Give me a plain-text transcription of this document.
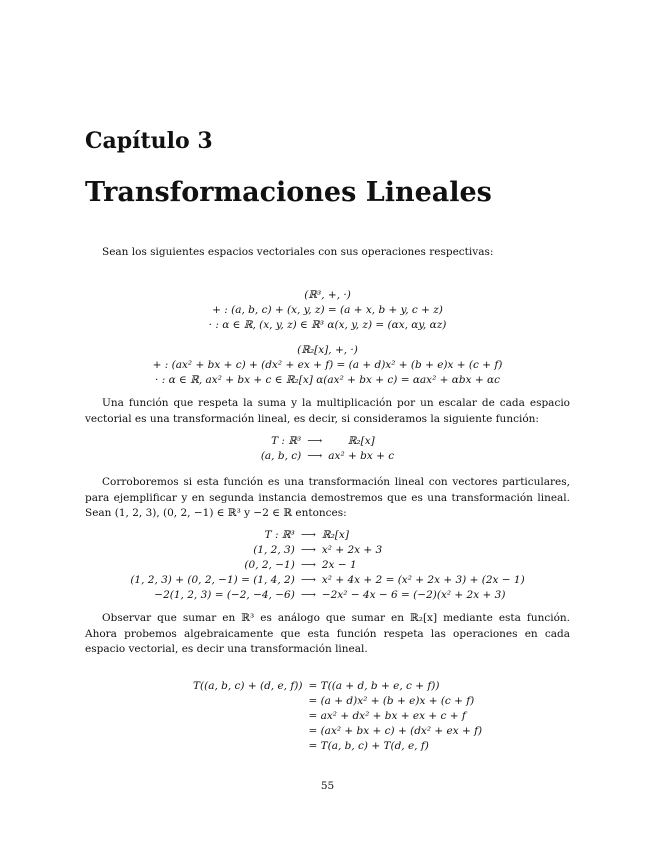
Capítulo 3
Transformaciones Lineales
Sean los siguientes espacios vectoriales con sus operaciones respectivas:
(ℝ³, +, ·)
+ : (a, b, c) + (x, y, z) = (a + x, b + y, c + z)
· : α ∈ ℝ, (x, y, z) ∈ ℝ³ α(x, y, z) = (αx, αy, αz)
(ℝ₂[x], +, ·)
+ : (ax² + bx + c) + (dx² + ex + f) = (a + d)x² + (b + e)x + (c + f)
· : α ∈ ℝ, ax² + bx + c ∈ ℝ₂[x] α(ax² + bx + c) = αax² + αbx + αc
Una función que respeta la suma y la multiplicación por un escalar de cada espacio vectorial es una transformación lineal, es decir, si consideramos la siguiente función:
T : ℝ³	⟶	ℝ₂[x]
(a, b, c)	⟶	ax² + bx + c
Corroboremos si esta función es una transformación lineal con vectores particulares, para ejemplificar y en segunda instancia demostremos que es una transformación lineal. Sean (1, 2, 3), (0, 2, −1) ∈ ℝ³ y −2 ∈ ℝ entonces:
T : ℝ³	⟶	ℝ₂[x]
(1, 2, 3)	⟶	x² + 2x + 3
(0, 2, −1)	⟶	2x − 1
(1, 2, 3) + (0, 2, −1) = (1, 4, 2)	⟶	x² + 4x + 2 = (x² + 2x + 3) + (2x − 1)
−2(1, 2, 3) = (−2, −4, −6)	⟶	−2x² − 4x − 6 = (−2)(x² + 2x + 3)
Observar que sumar en ℝ³ es análogo que sumar en ℝ₂[x] mediante esta función. Ahora probemos algebraicamente que esta función respeta las operaciones en cada espacio vectorial, es decir una transformación lineal.
T((a, b, c) + (d, e, f))	= T((a + d, b + e, c + f))
	= (a + d)x² + (b + e)x + (c + f)
	= ax² + dx² + bx + ex + c + f
	= (ax² + bx + c) + (dx² + ex + f)
	= T(a, b, c) + T(d, e, f)
55
